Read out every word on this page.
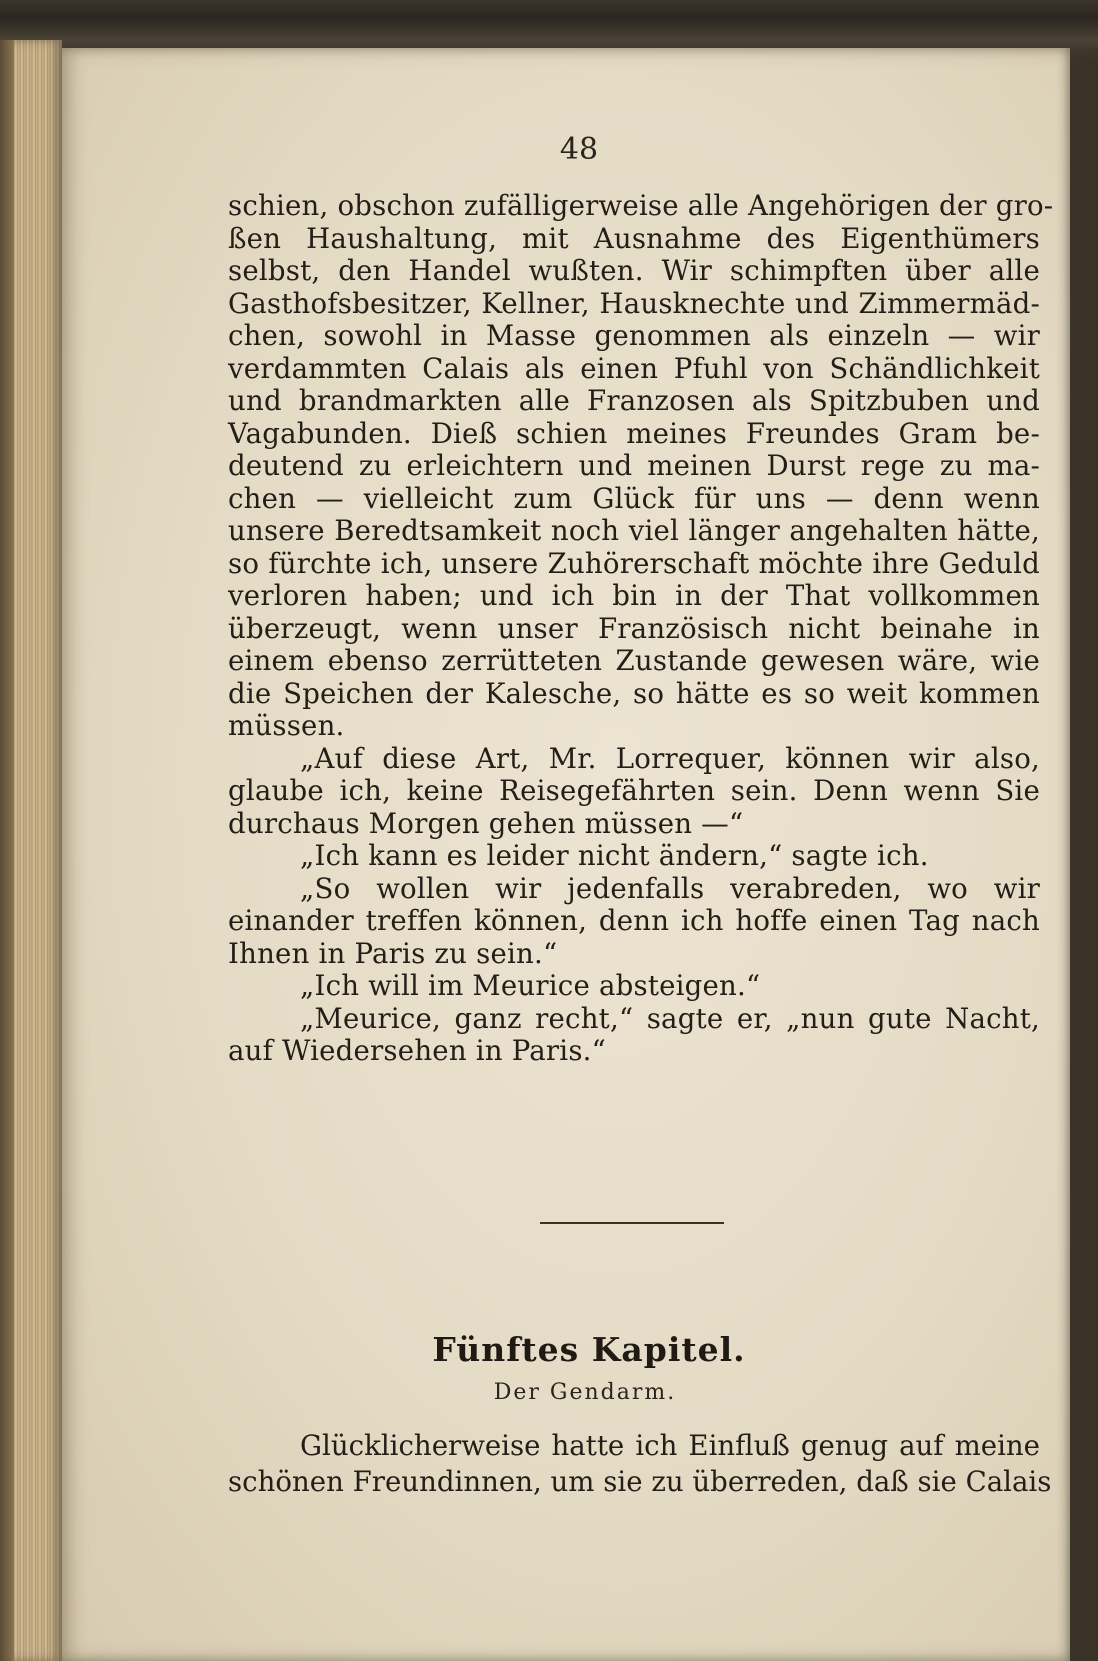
48
schien, obschon zufälligerweise alle Angehörigen der gro-
ßen Haushaltung, mit Ausnahme des Eigenthümers
selbst, den Handel wußten. Wir schimpften über alle
Gasthofsbesitzer, Kellner, Hausknechte und Zimmermäd-
chen, sowohl in Masse genommen als einzeln — wir
verdammten Calais als einen Pfuhl von Schändlichkeit
und brandmarkten alle Franzosen als Spitzbuben und
Vagabunden. Dieß schien meines Freundes Gram be-
deutend zu erleichtern und meinen Durst rege zu ma-
chen — vielleicht zum Glück für uns — denn wenn
unsere Beredtsamkeit noch viel länger angehalten hätte,
so fürchte ich, unsere Zuhörerschaft möchte ihre Geduld
verloren haben; und ich bin in der That vollkommen
überzeugt, wenn unser Französisch nicht beinahe in
einem ebenso zerrütteten Zustande gewesen wäre, wie
die Speichen der Kalesche, so hätte es so weit kommen
müssen.
„Auf diese Art, Mr. Lorrequer, können wir also,
glaube ich, keine Reisegefährten sein. Denn wenn Sie
durchaus Morgen gehen müssen —“
„Ich kann es leider nicht ändern,“ sagte ich.
„So wollen wir jedenfalls verabreden, wo wir
einander treffen können, denn ich hoffe einen Tag nach
Ihnen in Paris zu sein.“
„Ich will im Meurice absteigen.“
„Meurice, ganz recht,“ sagte er, „nun gute Nacht,
auf Wiedersehen in Paris.“
Fünftes Kapitel.
Der Gendarm.
Glücklicherweise hatte ich Einfluß genug auf meine
schönen Freundinnen, um sie zu überreden, daß sie Calais
